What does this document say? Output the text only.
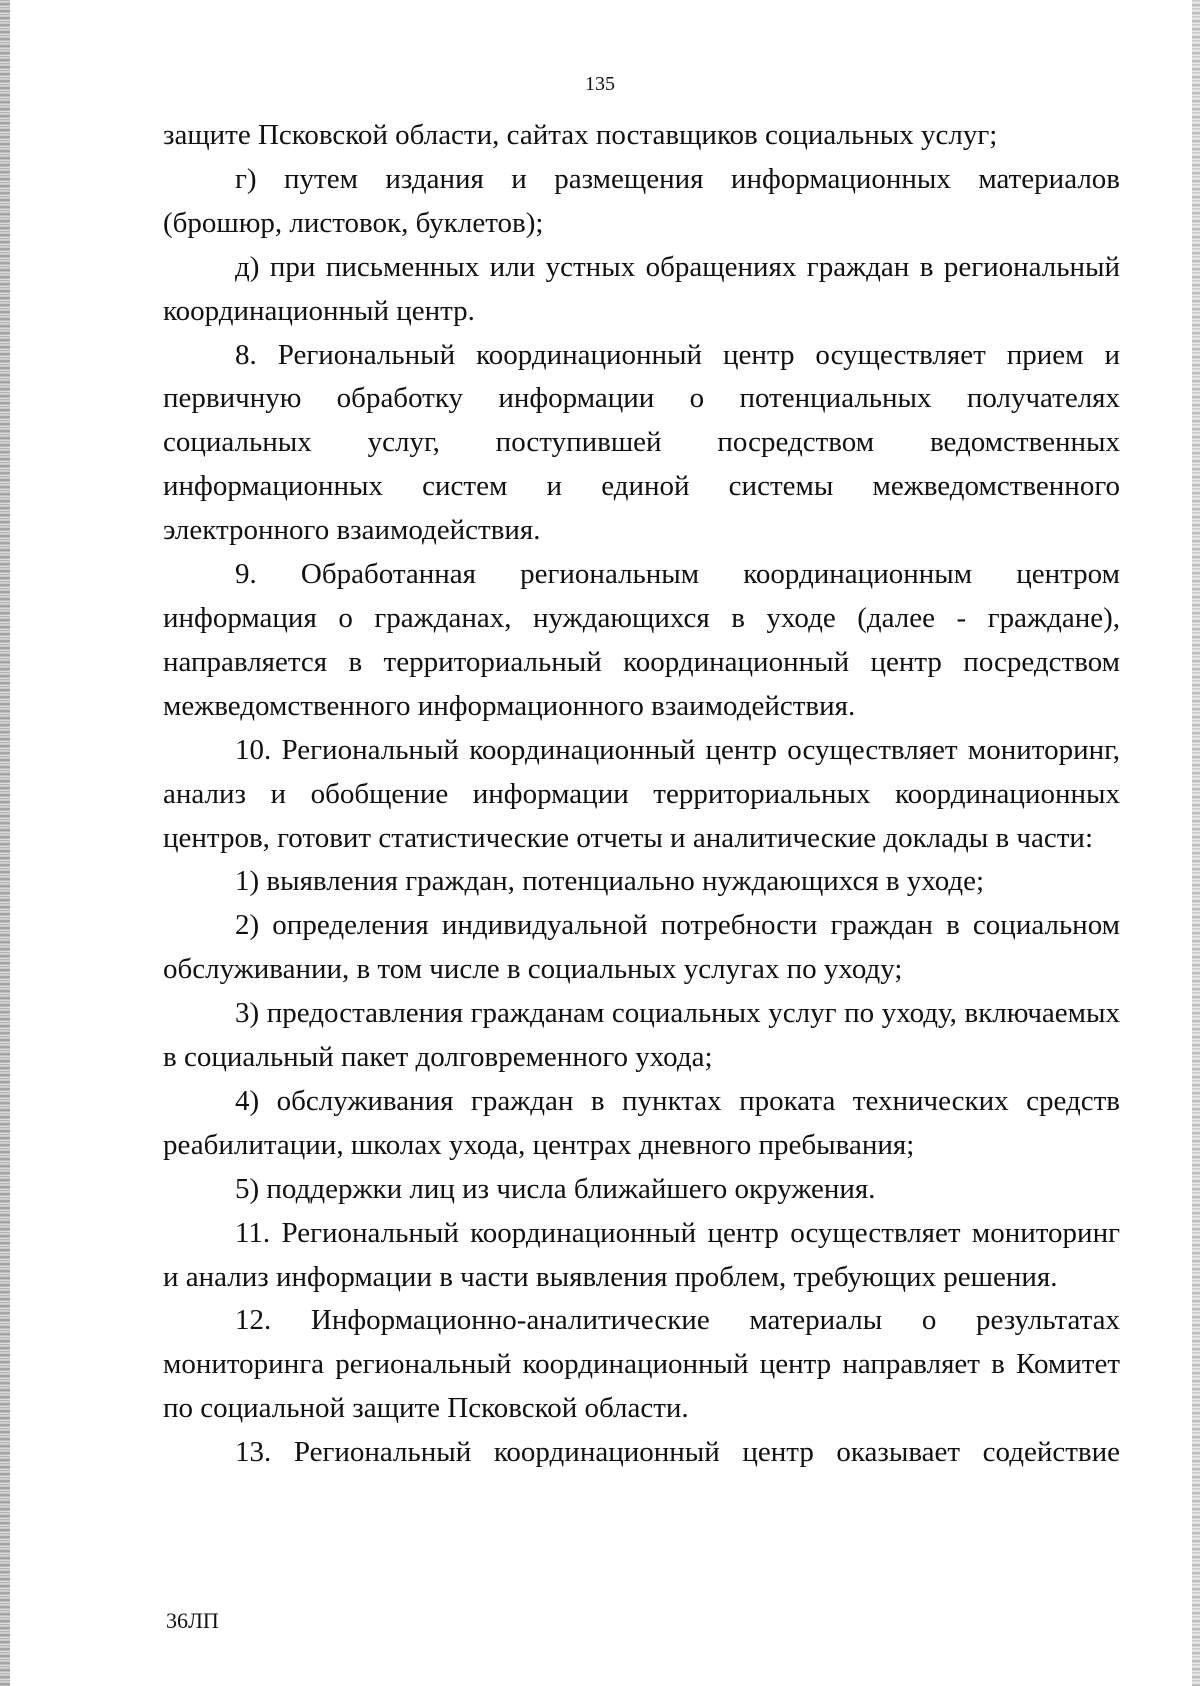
135

защите Псковской области, сайтах поставщиков социальных услуг;

г) путем издания и размещения информационных материалов (брошюр, листовок, буклетов);

д) при письменных или устных обращениях граждан в региональный координационный центр.

8. Региональный координационный центр осуществляет прием и первичную обработку информации о потенциальных получателях социальных услуг, поступившей посредством ведомственных информационных систем и единой системы межведомственного электронного взаимодействия.

9. Обработанная региональным координационным центром информация о гражданах, нуждающихся в уходе (далее - граждане), направляется в территориальный координационный центр посредством межведомственного информационного взаимодействия.

10. Региональный координационный центр осуществляет мониторинг, анализ и обобщение информации территориальных координационных центров, готовит статистические отчеты и аналитические доклады в части:

1) выявления граждан, потенциально нуждающихся в уходе;

2) определения индивидуальной потребности граждан в социальном обслуживании, в том числе в социальных услугах по уходу;

3) предоставления гражданам социальных услуг по уходу, включаемых в социальный пакет долговременного ухода;

4) обслуживания граждан в пунктах проката технических средств реабилитации, школах ухода, центрах дневного пребывания;

5) поддержки лиц из числа ближайшего окружения.

11. Региональный координационный центр осуществляет мониторинг и анализ информации в части выявления проблем, требующих решения.

12. Информационно-аналитические материалы о результатах мониторинга региональный координационный центр направляет в Комитет по социальной защите Псковской области.

13. Региональный координационный центр оказывает содействие

36ЛП
